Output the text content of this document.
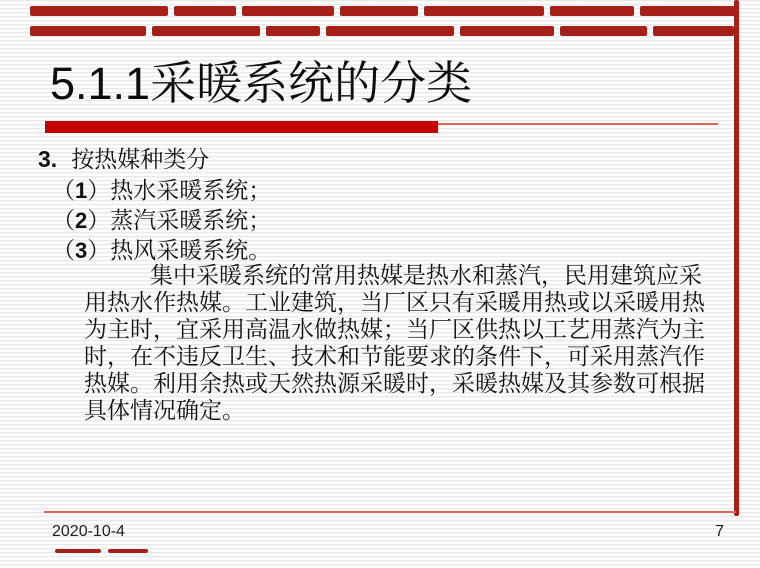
5.1.1采暖系统的分类
3. 按热媒种类分
（1）热水采暖系统；
（2）蒸汽采暖系统；
（3）热风采暖系统。
集中采暖系统的常用热媒是热水和蒸汽，民用建筑应采
用热水作热媒。工业建筑，当厂区只有采暖用热或以采暖用热
为主时，宜采用高温水做热媒；当厂区供热以工艺用蒸汽为主
时，在不违反卫生、技术和节能要求的条件下，可采用蒸汽作
热媒。利用余热或天然热源采暖时，采暖热媒及其参数可根据
具体情况确定。
2020-10-4	7
